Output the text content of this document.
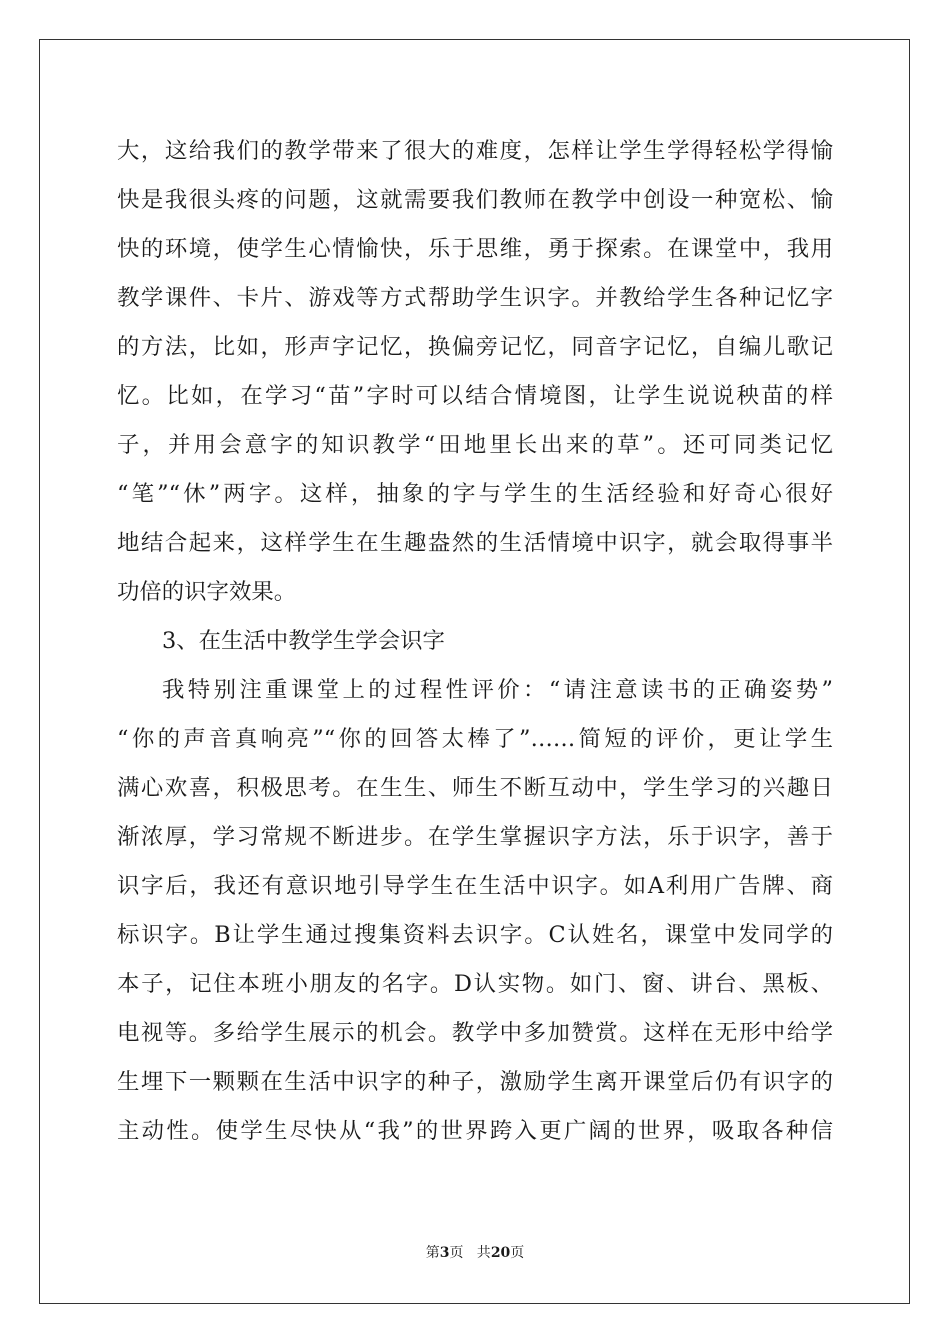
大，这给我们的教学带来了很大的难度，怎样让学生学得轻松学得愉
快是我很头疼的问题，这就需要我们教师在教学中创设一种宽松、愉
快的环境，使学生心情愉快，乐于思维，勇于探索。在课堂中，我用
教学课件、卡片、游戏等方式帮助学生识字。并教给学生各种记忆字
的方法，比如，形声字记忆，换偏旁记忆，同音字记忆，自编儿歌记
忆。比如，在学习“苗”字时可以结合情境图，让学生说说秧苗的样
子，并用会意字的知识教学“田地里长出来的草”。还可同类记忆
“笔”“休”两字。这样，抽象的字与学生的生活经验和好奇心很好
地结合起来，这样学生在生趣盎然的生活情境中识字，就会取得事半
功倍的识字效果。
3、在生活中教学生学会识字
我特别注重课堂上的过程性评价：“请注意读书的正确姿势”
“你的声音真响亮”“你的回答太棒了”……简短的评价，更让学生
满心欢喜，积极思考。在生生、师生不断互动中，学生学习的兴趣日
渐浓厚，学习常规不断进步。在学生掌握识字方法，乐于识字，善于
识字后，我还有意识地引导学生在生活中识字。如A利用广告牌、商
标识字。B让学生通过搜集资料去识字。C认姓名，课堂中发同学的
本子，记住本班小朋友的名字。D认实物。如门、窗、讲台、黑板、
电视等。多给学生展示的机会。教学中多加赞赏。这样在无形中给学
生埋下一颗颗在生活中识字的种子，激励学生离开课堂后仍有识字的
主动性。使学生尽快从“我”的世界跨入更广阔的世界，吸取各种信
第3页   共20页
